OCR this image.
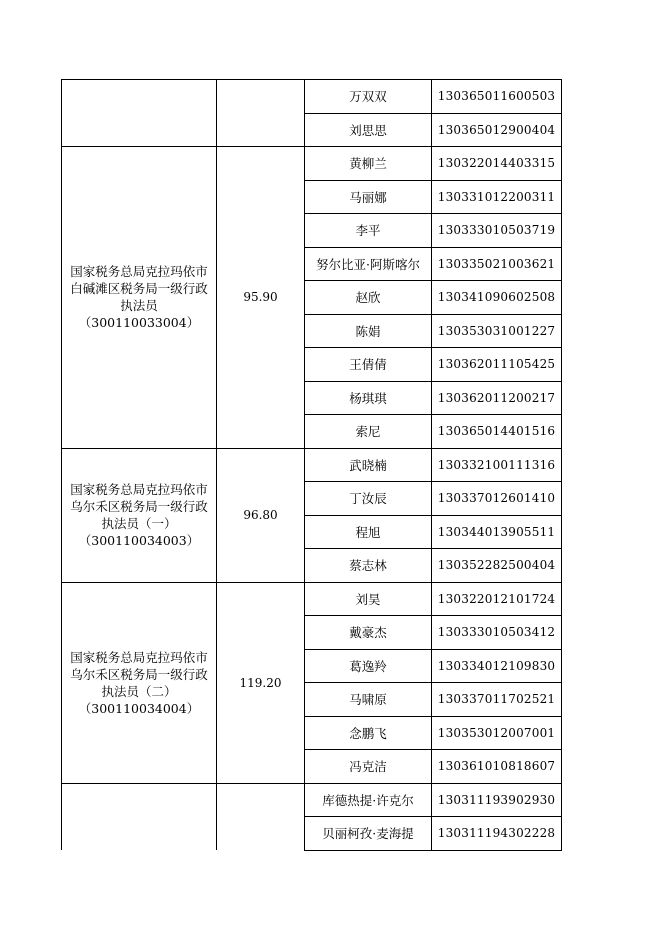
		万双双	130365011600503
		刘思思	130365012900404

国家税务总局克拉玛依市
白碱滩区税务局一级行政
执法员
（300110033004）	95.90	黄柳兰	130322014403315
		马丽娜	130331012200311
		李平	130333010503719
		努尔比亚·阿斯喀尔	130335021003621
		赵欣	130341090602508
		陈娟	130353031001227
		王倩倩	130362011105425
		杨琪琪	130362011200217
		索尼	130365014401516

国家税务总局克拉玛依市
乌尔禾区税务局一级行政
执法员（一）
（300110034003）	96.80	武晓楠	130332100111316
		丁汝辰	130337012601410
		程旭	130344013905511
		蔡志林	130352282500404

国家税务总局克拉玛依市
乌尔禾区税务局一级行政
执法员（二）
（300110034004）	119.20	刘昊	130322012101724
		戴豪杰	130333010503412
		葛逸羚	130334012109830
		马啸原	130337011702521
		念鹏飞	130353012007001
		冯克洁	130361010818607
		库德热提·许克尔	130311193902930
		贝丽柯孜·麦海提	130311194302228
